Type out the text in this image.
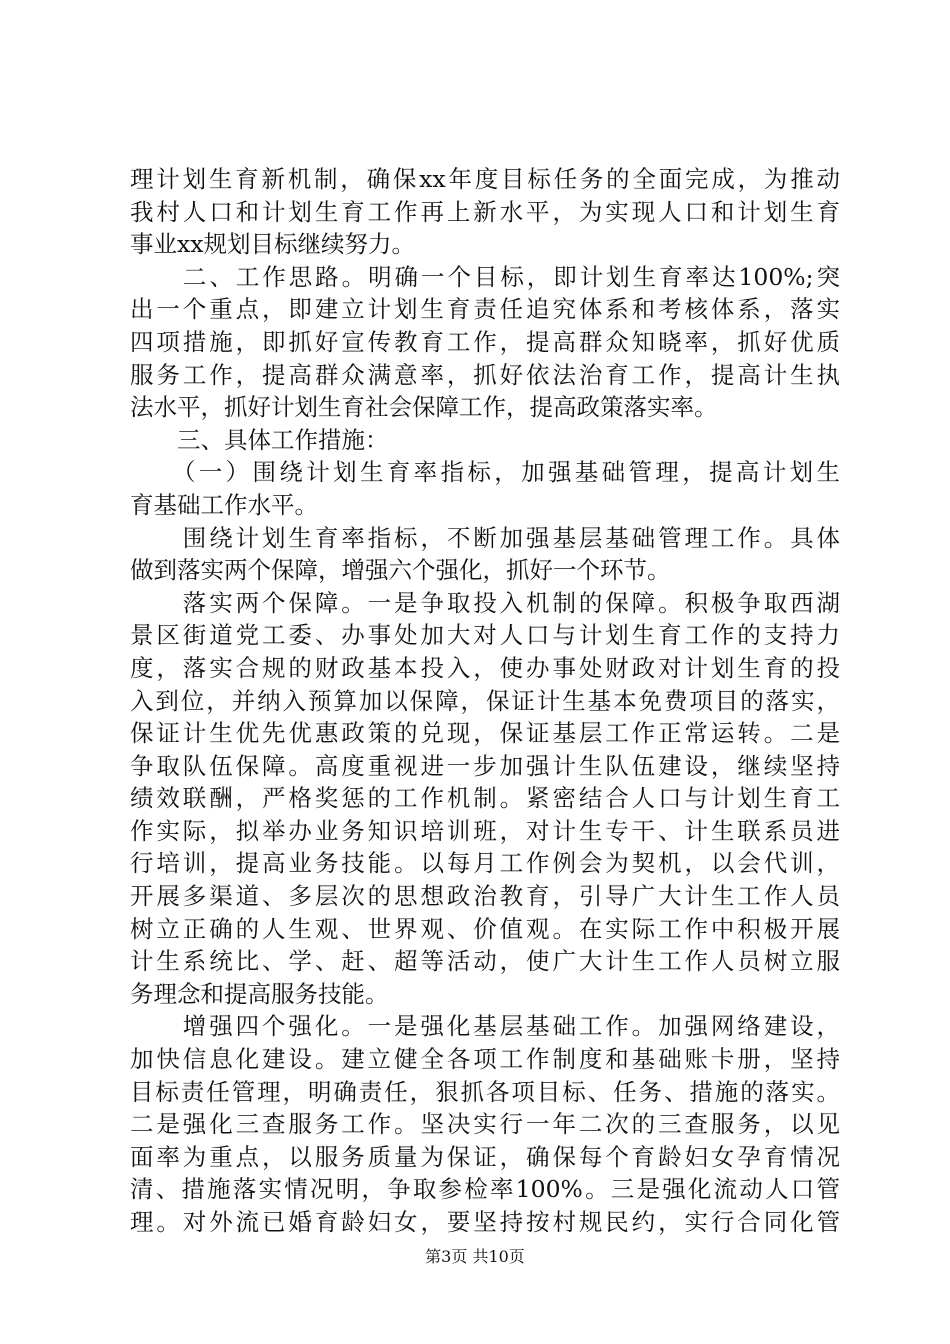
理计划生育新机制，确保xx年度目标任务的全面完成，为推动
我村人口和计划生育工作再上新水平，为实现人口和计划生育
事业xx规划目标继续努力。
　　二、工作思路。明确一个目标，即计划生育率达100%;突
出一个重点，即建立计划生育责任追究体系和考核体系，落实
四项措施，即抓好宣传教育工作，提高群众知晓率，抓好优质
服务工作，提高群众满意率，抓好依法治育工作，提高计生执
法水平，抓好计划生育社会保障工作，提高政策落实率。
　　三、具体工作措施：
　　（一）围绕计划生育率指标，加强基础管理，提高计划生
育基础工作水平。
　　围绕计划生育率指标，不断加强基层基础管理工作。具体
做到落实两个保障，增强六个强化，抓好一个环节。
　　落实两个保障。一是争取投入机制的保障。积极争取西湖
景区街道党工委、办事处加大对人口与计划生育工作的支持力
度，落实合规的财政基本投入，使办事处财政对计划生育的投
入到位，并纳入预算加以保障，保证计生基本免费项目的落实，
保证计生优先优惠政策的兑现，保证基层工作正常运转。二是
争取队伍保障。高度重视进一步加强计生队伍建设，继续坚持
绩效联酬，严格奖惩的工作机制。紧密结合人口与计划生育工
作实际，拟举办业务知识培训班，对计生专干、计生联系员进
行培训，提高业务技能。以每月工作例会为契机，以会代训，
开展多渠道、多层次的思想政治教育，引导广大计生工作人员
树立正确的人生观、世界观、价值观。在实际工作中积极开展
计生系统比、学、赶、超等活动，使广大计生工作人员树立服
务理念和提高服务技能。
　　增强四个强化。一是强化基层基础工作。加强网络建设，
加快信息化建设。建立健全各项工作制度和基础账卡册，坚持
目标责任管理，明确责任，狠抓各项目标、任务、措施的落实。
二是强化三查服务工作。坚决实行一年二次的三查服务，以见
面率为重点，以服务质量为保证，确保每个育龄妇女孕育情况
清、措施落实情况明，争取参检率100%。三是强化流动人口管
理。对外流已婚育龄妇女，要坚持按村规民约，实行合同化管
第3页 共10页
